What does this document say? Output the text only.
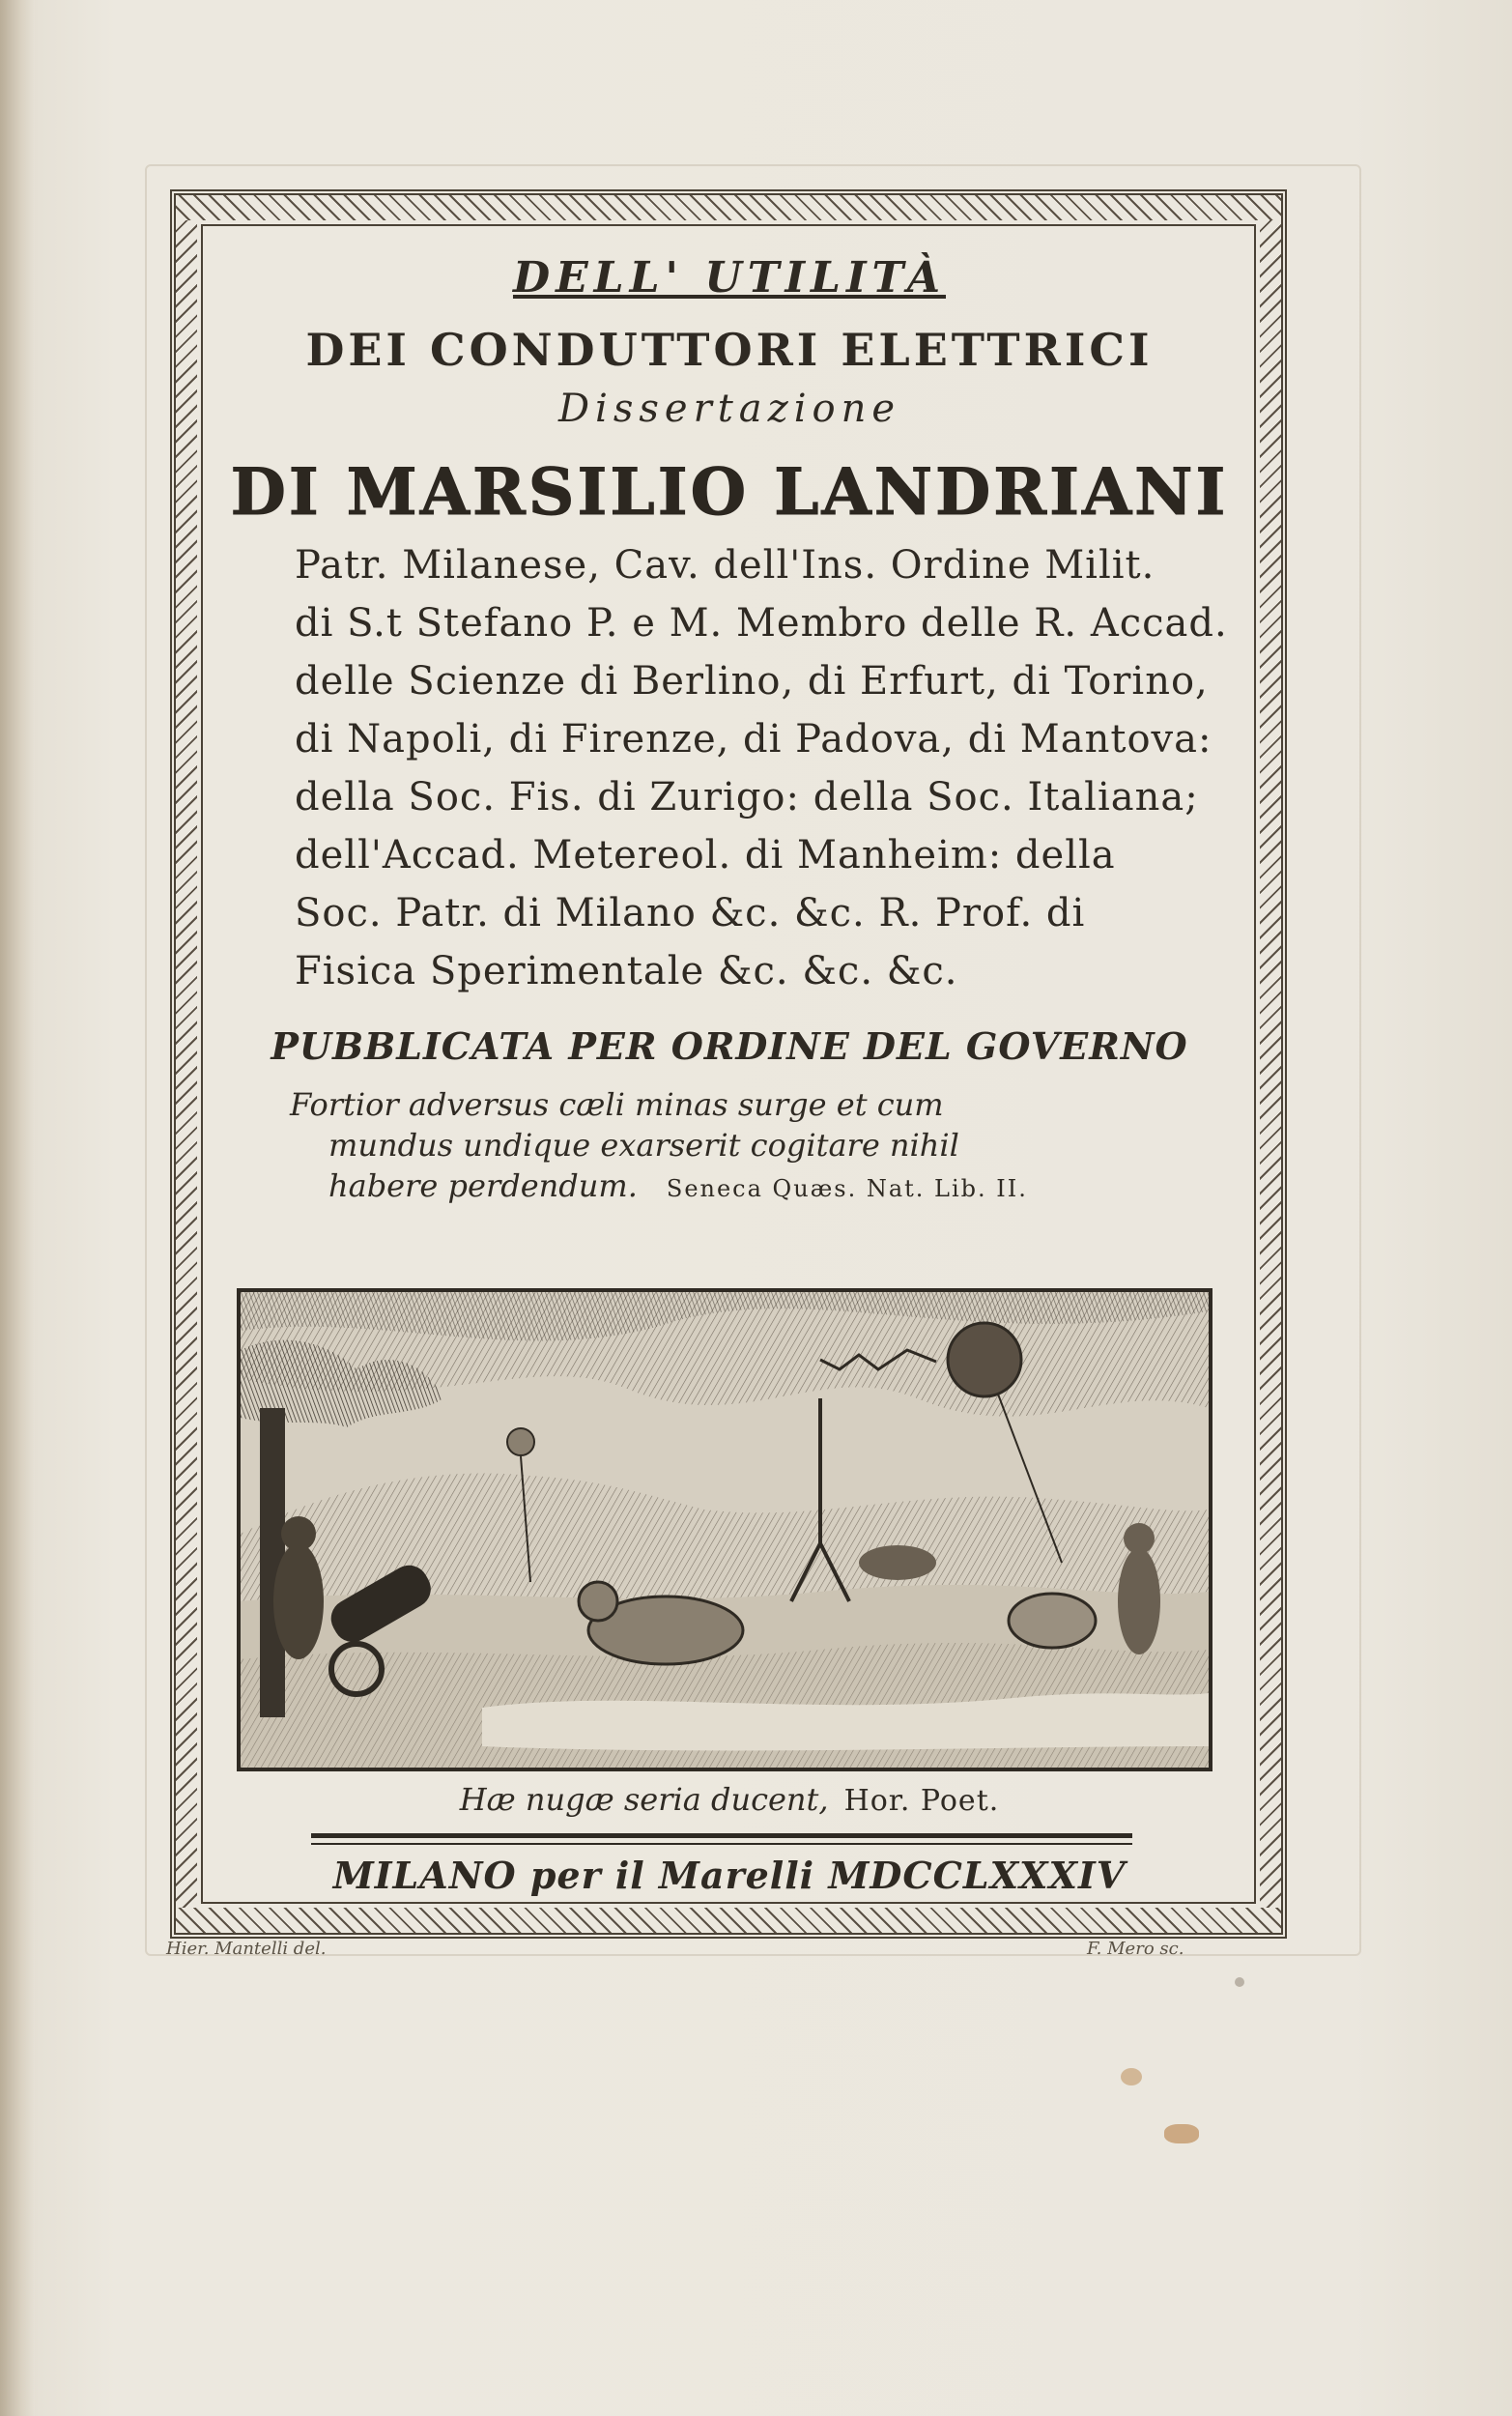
DELL' UTILITÀ
DEI CONDUTTORI ELETTRICI
Dissertazione
DI MARSILIO LANDRIANI
Patr. Milanese, Cav. dell'Ins. Ordine Milit.
di S.t Stefano P. e M. Membro delle R. Accad.
delle Scienze di Berlino, di Erfurt, di Torino,
di Napoli, di Firenze, di Padova, di Mantova:
della Soc. Fis. di Zurigo: della Soc. Italiana;
dell'Accad. Meterеol. di Manheim: della
Soc. Patr. di Milano &c. &c. R. Prof. di
Fisica Sperimentale &c. &c. &c.
PUBBLICATA PER ORDINE DEL GOVERNO
Fortior adversus cæli minas surge et cum
mundus undique exarserit cogitare nihil
habere perdendum. Seneca Quæs. Nat. Lib. II.
Hæ nugæ seria ducent, Hor. Poet.
MILANO per il Marelli MDCCLXXXIV
Hier. Mantelli del.	F. Mero sc.
